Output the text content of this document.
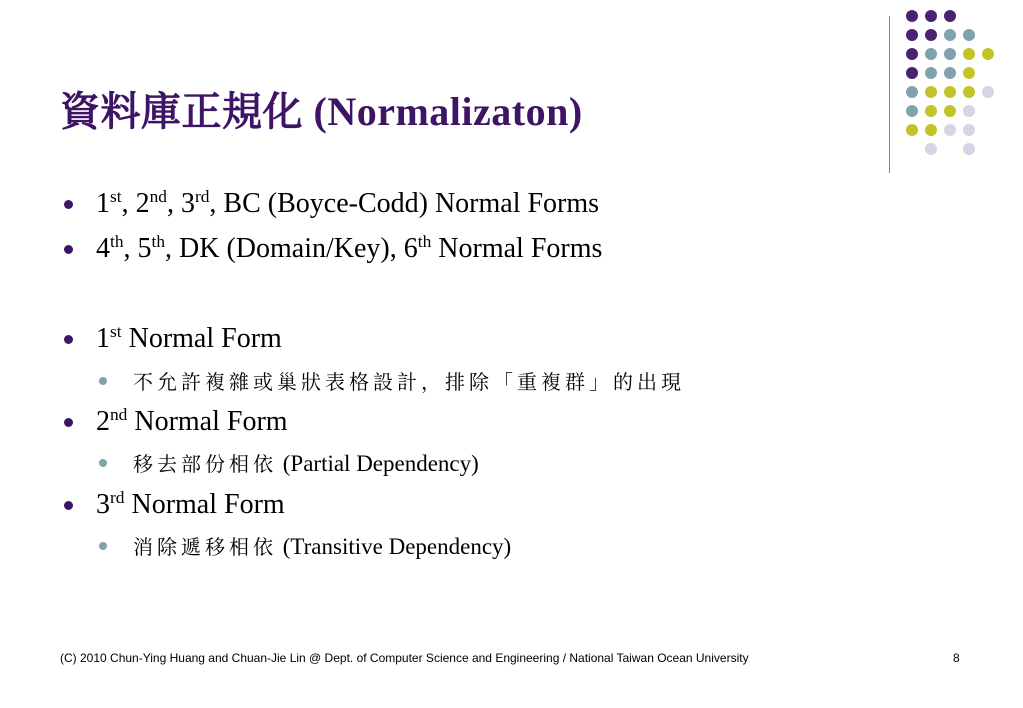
資料庫正規化 (Normalizaton)
1st, 2nd, 3rd, BC (Boyce-Codd) Normal Forms
4th, 5th, DK (Domain/Key), 6th Normal Forms
1st Normal Form
不允許複雜或巢狀表格設計，排除「重複群」的出現
2nd Normal Form
移去部份相依 (Partial Dependency)
3rd Normal Form
消除遞移相依 (Transitive Dependency)
(C) 2010 Chun-Ying Huang and Chuan-Jie Lin @ Dept. of Computer Science and Engineering / National Taiwan Ocean University	8
